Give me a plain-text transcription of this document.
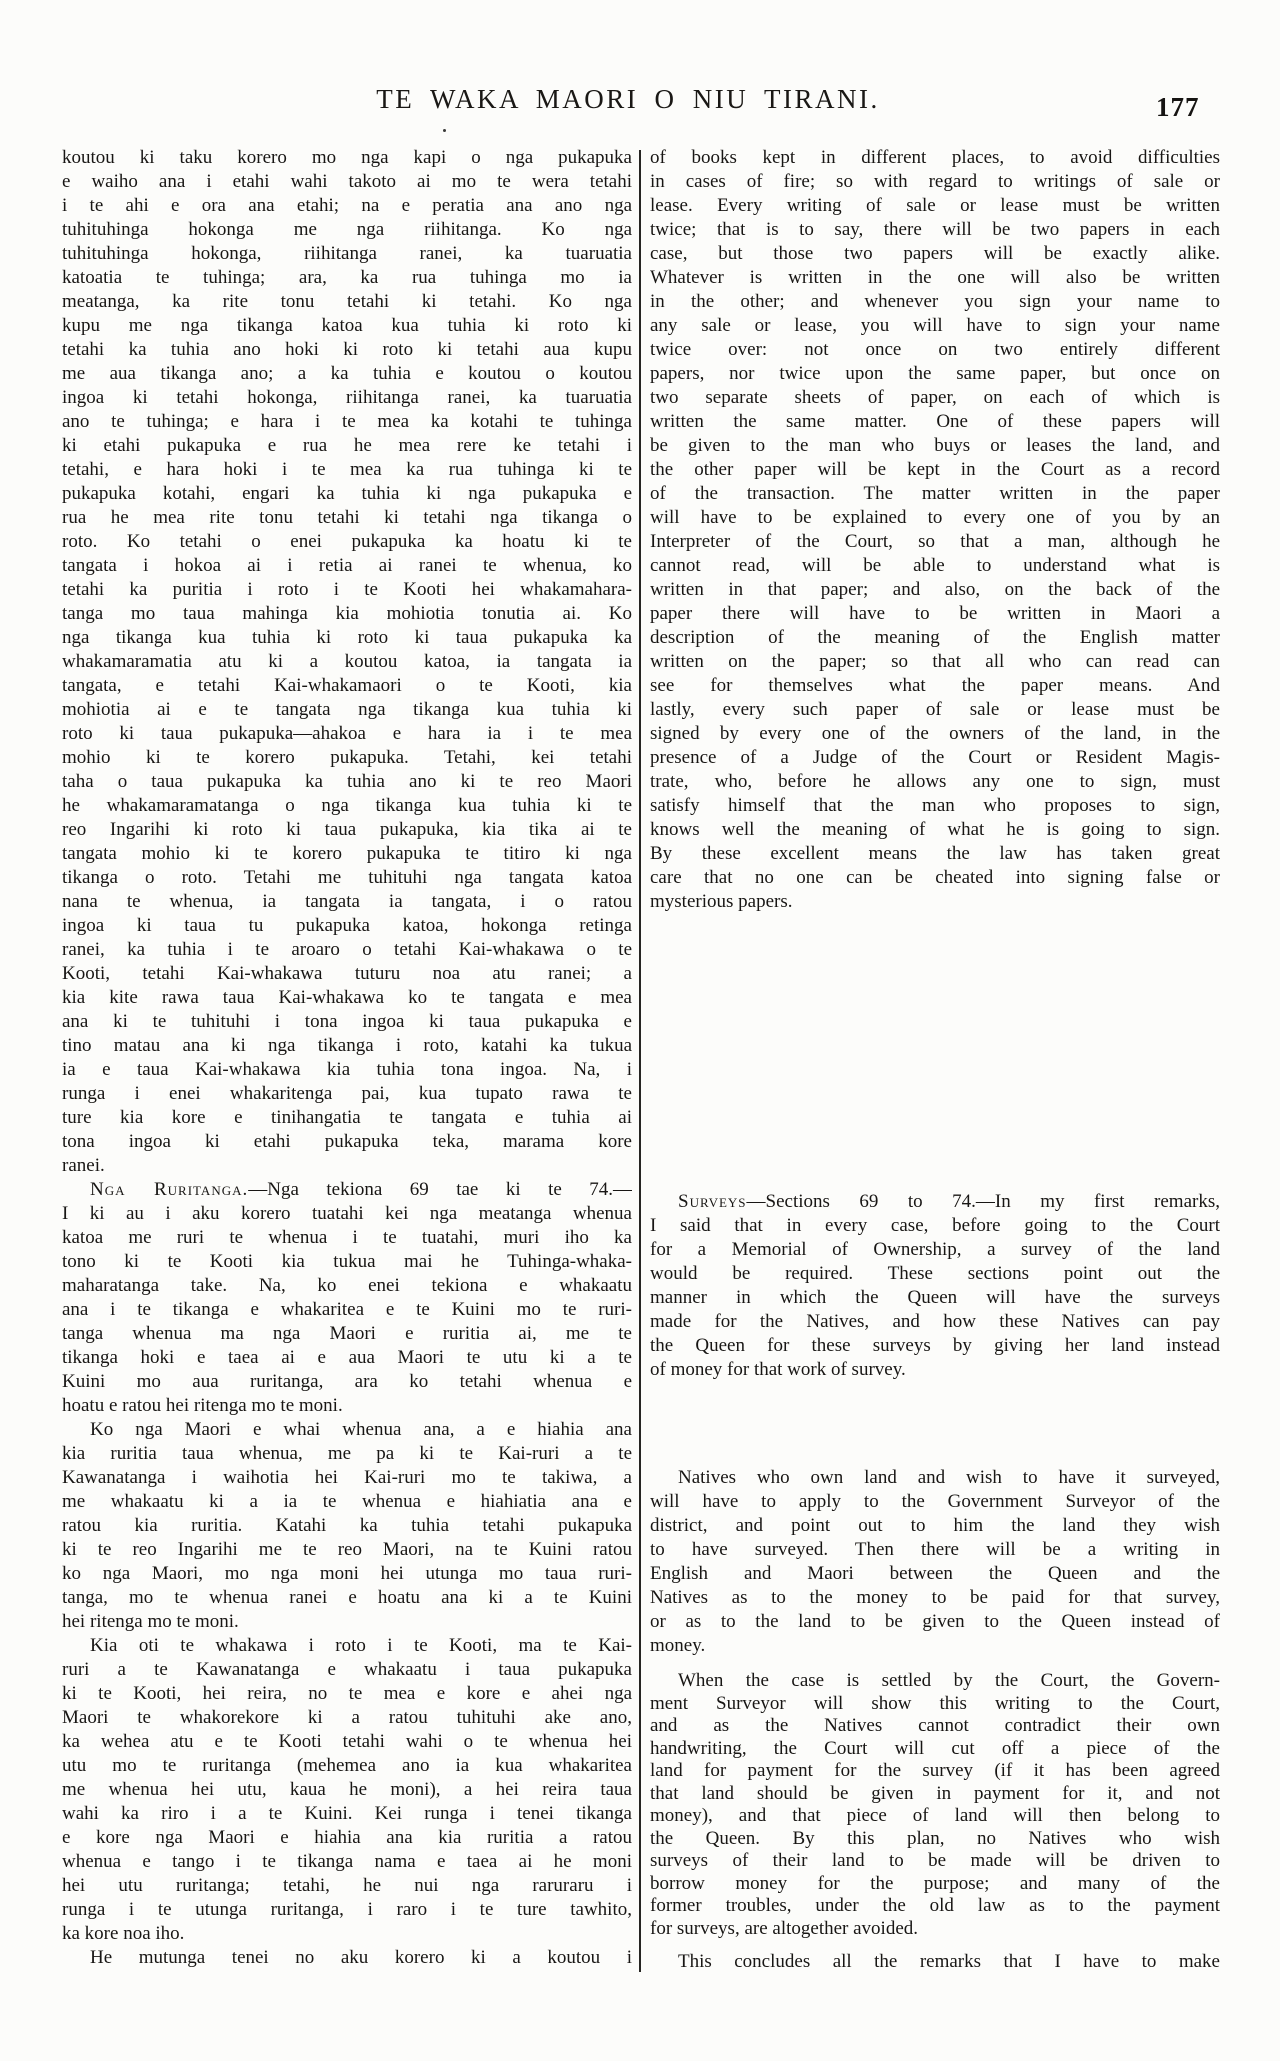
TE WAKA MAORI O NIU TIRANI.	177
koutou ki taku korero mo nga kapi o nga pukapuka
e waiho ana i etahi wahi takoto ai mo te wera tetahi
i te ahi e ora ana etahi; na e peratia ana ano nga
tuhituhinga hokonga me nga riihitanga. Ko nga
tuhituhinga hokonga, riihitanga ranei, ka tuaruatia
katoatia te tuhinga; ara, ka rua tuhinga mo ia
meatanga, ka rite tonu tetahi ki tetahi. Ko nga
kupu me nga tikanga katoa kua tuhia ki roto ki
tetahi ka tuhia ano hoki ki roto ki tetahi aua kupu
me aua tikanga ano; a ka tuhia e koutou o koutou
ingoa ki tetahi hokonga, riihitanga ranei, ka tuaruatia
ano te tuhinga; e hara i te mea ka kotahi te tuhinga
ki etahi pukapuka e rua he mea rere ke tetahi i
tetahi, e hara hoki i te mea ka rua tuhinga ki te
pukapuka kotahi, engari ka tuhia ki nga pukapuka e
rua he mea rite tonu tetahi ki tetahi nga tikanga o
roto. Ko tetahi o enei pukapuka ka hoatu ki te
tangata i hokoa ai i retia ai ranei te whenua, ko
tetahi ka puritia i roto i te Kooti hei whakamahara-
tanga mo taua mahinga kia mohiotia tonutia ai. Ko
nga tikanga kua tuhia ki roto ki taua pukapuka ka
whakamaramatia atu ki a koutou katoa, ia tangata ia
tangata, e tetahi Kai-whakamaori o te Kooti, kia
mohiotia ai e te tangata nga tikanga kua tuhia ki
roto ki taua pukapuka—ahakoa e hara ia i te mea
mohio ki te korero pukapuka. Tetahi, kei tetahi
taha o taua pukapuka ka tuhia ano ki te reo Maori
he whakamaramatanga o nga tikanga kua tuhia ki te
reo Ingarihi ki roto ki taua pukapuka, kia tika ai te
tangata mohio ki te korero pukapuka te titiro ki nga
tikanga o roto. Tetahi me tuhituhi nga tangata katoa
nana te whenua, ia tangata ia tangata, i o ratou
ingoa ki taua tu pukapuka katoa, hokonga retinga
ranei, ka tuhia i te aroaro o tetahi Kai-whakawa o te
Kooti, tetahi Kai-whakawa tuturu noa atu ranei; a
kia kite rawa taua Kai-whakawa ko te tangata e mea
ana ki te tuhituhi i tona ingoa ki taua pukapuka e
tino matau ana ki nga tikanga i roto, katahi ka tukua
ia e taua Kai-whakawa kia tuhia tona ingoa. Na, i
runga i enei whakaritenga pai, kua tupato rawa te
ture kia kore e tinihangatia te tangata e tuhia ai
tona ingoa ki etahi pukapuka teka, marama kore
ranei.
Nga Ruritanga.—Nga tekiona 69 tae ki te 74.—
I ki au i aku korero tuatahi kei nga meatanga whenua
katoa me ruri te whenua i te tuatahi, muri iho ka
tono ki te Kooti kia tukua mai he Tuhinga-whaka-
maharatanga take. Na, ko enei tekiona e whakaatu
ana i te tikanga e whakaritea e te Kuini mo te ruri-
tanga whenua ma nga Maori e ruritia ai, me te
tikanga hoki e taea ai e aua Maori te utu ki a te
Kuini mo aua ruritanga, ara ko tetahi whenua e
hoatu e ratou hei ritenga mo te moni.
Ko nga Maori e whai whenua ana, a e hiahia ana
kia ruritia taua whenua, me pa ki te Kai-ruri a te
Kawanatanga i waihotia hei Kai-ruri mo te takiwa, a
me whakaatu ki a ia te whenua e hiahiatia ana e
ratou kia ruritia. Katahi ka tuhia tetahi pukapuka
ki te reo Ingarihi me te reo Maori, na te Kuini ratou
ko nga Maori, mo nga moni hei utunga mo taua ruri-
tanga, mo te whenua ranei e hoatu ana ki a te Kuini
hei ritenga mo te moni.
Kia oti te whakawa i roto i te Kooti, ma te Kai-
ruri a te Kawanatanga e whakaatu i taua pukapuka
ki te Kooti, hei reira, no te mea e kore e ahei nga
Maori te whakorekore ki a ratou tuhituhi ake ano,
ka wehea atu e te Kooti tetahi wahi o te whenua hei
utu mo te ruritanga (mehemea ano ia kua whakaritea
me whenua hei utu, kaua he moni), a hei reira taua
wahi ka riro i a te Kuini. Kei runga i tenei tikanga
e kore nga Maori e hiahia ana kia ruritia a ratou
whenua e tango i te tikanga nama e taea ai he moni
hei utu ruritanga; tetahi, he nui nga raruraru i
runga i te utunga ruritanga, i raro i te ture tawhito,
ka kore noa iho.
He mutunga tenei no aku korero ki a koutou i
of books kept in different places, to avoid difficulties
in cases of fire; so with regard to writings of sale or
lease. Every writing of sale or lease must be written
twice; that is to say, there will be two papers in each
case, but those two papers will be exactly alike.
Whatever is written in the one will also be written
in the other; and whenever you sign your name to
any sale or lease, you will have to sign your name
twice over: not once on two entirely different
papers, nor twice upon the same paper, but once on
two separate sheets of paper, on each of which is
written the same matter. One of these papers will
be given to the man who buys or leases the land, and
the other paper will be kept in the Court as a record
of the transaction. The matter written in the paper
will have to be explained to every one of you by an
Interpreter of the Court, so that a man, although he
cannot read, will be able to understand what is
written in that paper; and also, on the back of the
paper there will have to be written in Maori a
description of the meaning of the English matter
written on the paper; so that all who can read can
see for themselves what the paper means. And
lastly, every such paper of sale or lease must be
signed by every one of the owners of the land, in the
presence of a Judge of the Court or Resident Magis-
trate, who, before he allows any one to sign, must
satisfy himself that the man who proposes to sign,
knows well the meaning of what he is going to sign.
By these excellent means the law has taken great
care that no one can be cheated into signing false or
mysterious papers.
Surveys—Sections 69 to 74.—In my first remarks,
I said that in every case, before going to the Court
for a Memorial of Ownership, a survey of the land
would be required. These sections point out the
manner in which the Queen will have the surveys
made for the Natives, and how these Natives can pay
the Queen for these surveys by giving her land instead
of money for that work of survey.
Natives who own land and wish to have it surveyed,
will have to apply to the Government Surveyor of the
district, and point out to him the land they wish
to have surveyed. Then there will be a writing in
English and Maori between the Queen and the
Natives as to the money to be paid for that survey,
or as to the land to be given to the Queen instead of
money.
When the case is settled by the Court, the Govern-
ment Surveyor will show this writing to the Court,
and as the Natives cannot contradict their own
handwriting, the Court will cut off a piece of the
land for payment for the survey (if it has been agreed
that land should be given in payment for it, and not
money), and that piece of land will then belong to
the Queen. By this plan, no Natives who wish
surveys of their land to be made will be driven to
borrow money for the purpose; and many of the
former troubles, under the old law as to the payment
for surveys, are altogether avoided.
This concludes all the remarks that I have to make
